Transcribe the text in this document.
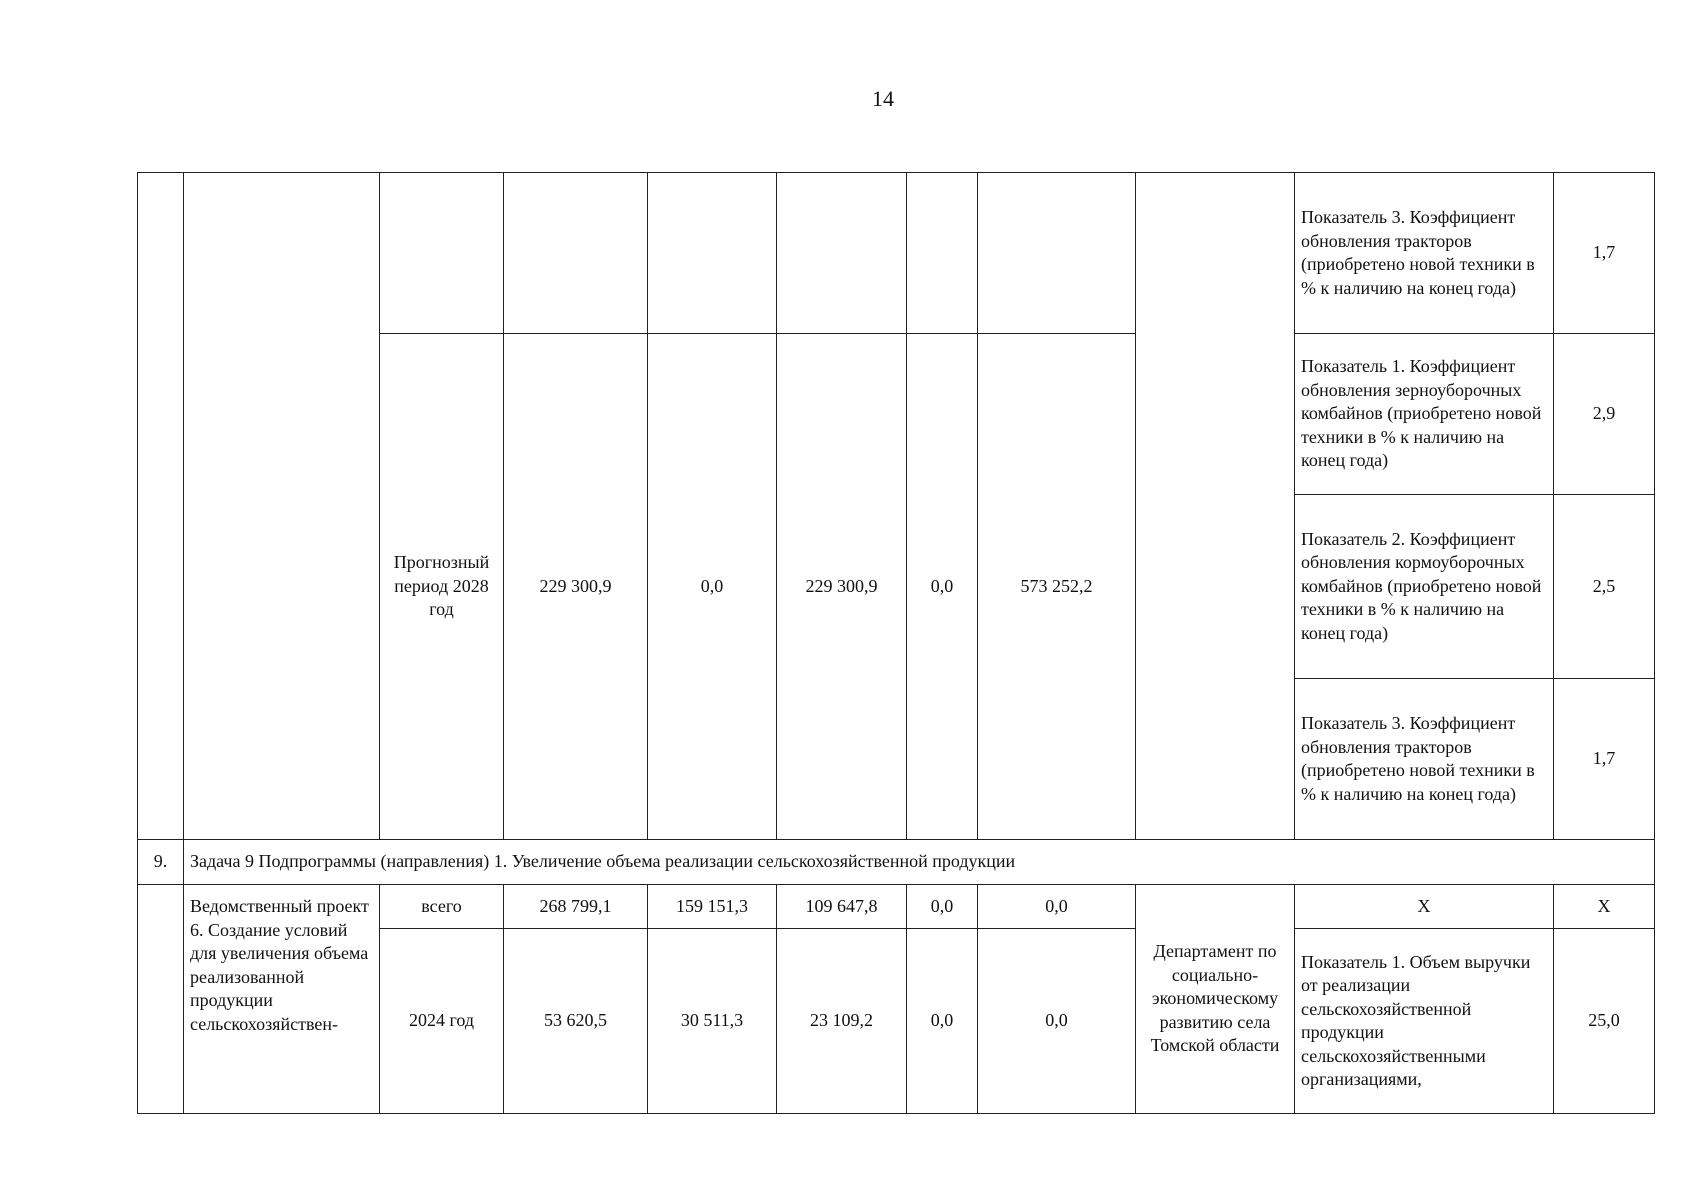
14
									Показатель 3. Коэффициент обновления тракторов (приобретено новой техники в % к наличию на конец года)	1,7
		Прогнозный период 2028 год	229 300,9	0,0	229 300,9	0,0	573 252,2		Показатель 1. Коэффициент обновления зерноуборочных комбайнов (приобретено новой техники в % к наличию на конец года)	2,9
									Показатель 2. Коэффициент обновления кормоуборочных комбайнов (приобретено новой техники в % к наличию на конец года)	2,5
									Показатель 3. Коэффициент обновления тракторов (приобретено новой техники в % к наличию на конец года)	1,7
9.	Задача 9 Подпрограммы (направления) 1. Увеличение объема реализации сельскохозяйственной продукции									
	Ведомственный проект 6. Создание условий для увеличения объема реализованной продукции сельскохозяйствен-	всего	268 799,1	159 151,3	109 647,8	0,0	0,0	Департамент по социально-экономическому развитию села Томской области	X	X
		2024 год	53 620,5	30 511,3	23 109,2	0,0	0,0		Показатель 1. Объем выручки от реализации сельскохозяйственной продукции сельскохозяйственными организациями,	25,0
